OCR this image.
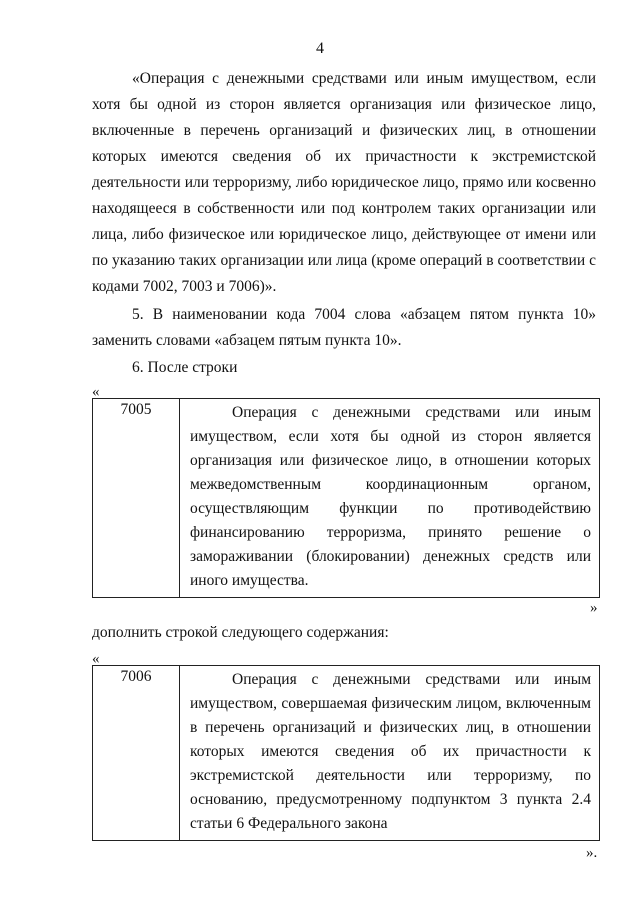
4
«Операция с денежными средствами или иным имуществом, если хотя бы одной из сторон является организация или физическое лицо, включенные в перечень организаций и физических лиц, в отношении которых имеются сведения об их причастности к экстремистской деятельности или терроризму, либо юридическое лицо, прямо или косвенно находящееся в собственности или под контролем таких организации или лица, либо физическое или юридическое лицо, действующее от имени или по указанию таких организации или лица (кроме операций в соответствии с кодами 7002, 7003 и 7006)».
5. В наименовании кода 7004 слова «абзацем пятом пункта 10» заменить словами «абзацем пятым пункта 10».
6. После строки
«
7005	Операция с денежными средствами или иным имуществом, если хотя бы одной из сторон является организация или физическое лицо, в отношении которых межведомственным координационным органом, осуществляющим функции по противодействию финансированию терроризма, принято решение о замораживании (блокировании) денежных средств или иного имущества.
»
дополнить строкой следующего содержания:
«
7006	Операция с денежными средствами или иным имуществом, совершаемая физическим лицом, включенным в перечень организаций и физических лиц, в отношении которых имеются сведения об их причастности к экстремистской деятельности или терроризму, по основанию, предусмотренному подпунктом 3 пункта 2.4 статьи 6 Федерального закона
».
